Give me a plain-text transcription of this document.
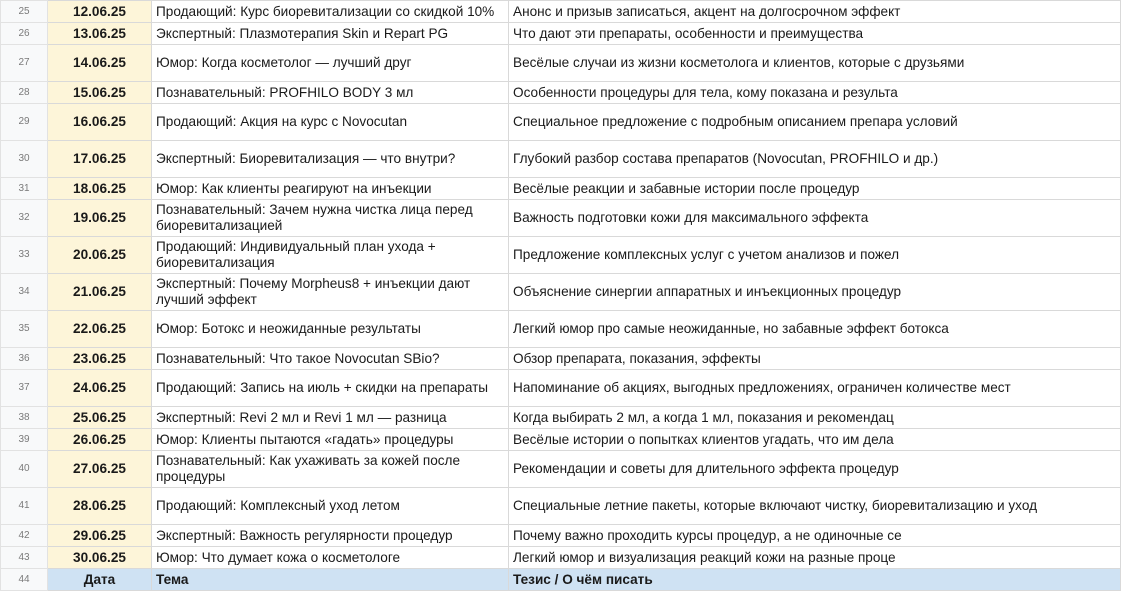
25	12.06.25	Продающий: Курс биоревитализации со скидкой 10%	Анонс и призыв записаться, акцент на долгосрочном эффект
26	13.06.25	Экспертный: Плазмотерапия Skin и Repart PG	Что дают эти препараты, особенности и преимущества
27	14.06.25	Юмор: Когда косметолог — лучший друг	Весёлые случаи из жизни косметолога и клиентов, которые с друзьями
28	15.06.25	Познавательный: PROFHILO BODY 3 мл	Особенности процедуры для тела, кому показана и результа
29	16.06.25	Продающий: Акция на курс с Novocutan	Специальное предложение с подробным описанием препара условий
30	17.06.25	Экспертный: Биоревитализация — что внутри?	Глубокий разбор состава препаратов (Novocutan, PROFHILO и др.)
31	18.06.25	Юмор: Как клиенты реагируют на инъекции	Весёлые реакции и забавные истории после процедур
32	19.06.25	Познавательный: Зачем нужна чистка лица перед биоревитализацией	Важность подготовки кожи для максимального эффекта
33	20.06.25	Продающий: Индивидуальный план ухода + биоревитализация	Предложение комплексных услуг с учетом анализов и пожел
34	21.06.25	Экспертный: Почему Morpheus8 + инъекции дают лучший эффект	Объяснение синергии аппаратных и инъекционных процедур
35	22.06.25	Юмор: Ботокс и неожиданные результаты	Легкий юмор про самые неожиданные, но забавные эффект ботокса
36	23.06.25	Познавательный: Что такое Novocutan SBio?	Обзор препарата, показания, эффекты
37	24.06.25	Продающий: Запись на июль + скидки на препараты	Напоминание об акциях, выгодных предложениях, ограничен количестве мест
38	25.06.25	Экспертный: Revi 2 мл и Revi 1 мл — разница	Когда выбирать 2 мл, а когда 1 мл, показания и рекомендац
39	26.06.25	Юмор: Клиенты пытаются «гадать» процедуры	Весёлые истории о попытках клиентов угадать, что им дела
40	27.06.25	Познавательный: Как ухаживать за кожей после процедуры	Рекомендации и советы для длительного эффекта процедур
41	28.06.25	Продающий: Комплексный уход летом	Специальные летние пакеты, которые включают чистку, биоревитализацию и уход
42	29.06.25	Экспертный: Важность регулярности процедур	Почему важно проходить курсы процедур, а не одиночные се
43	30.06.25	Юмор: Что думает кожа о косметологе	Легкий юмор и визуализация реакций кожи на разные проце
44	Дата	Тема	Тезис / О чём писать
